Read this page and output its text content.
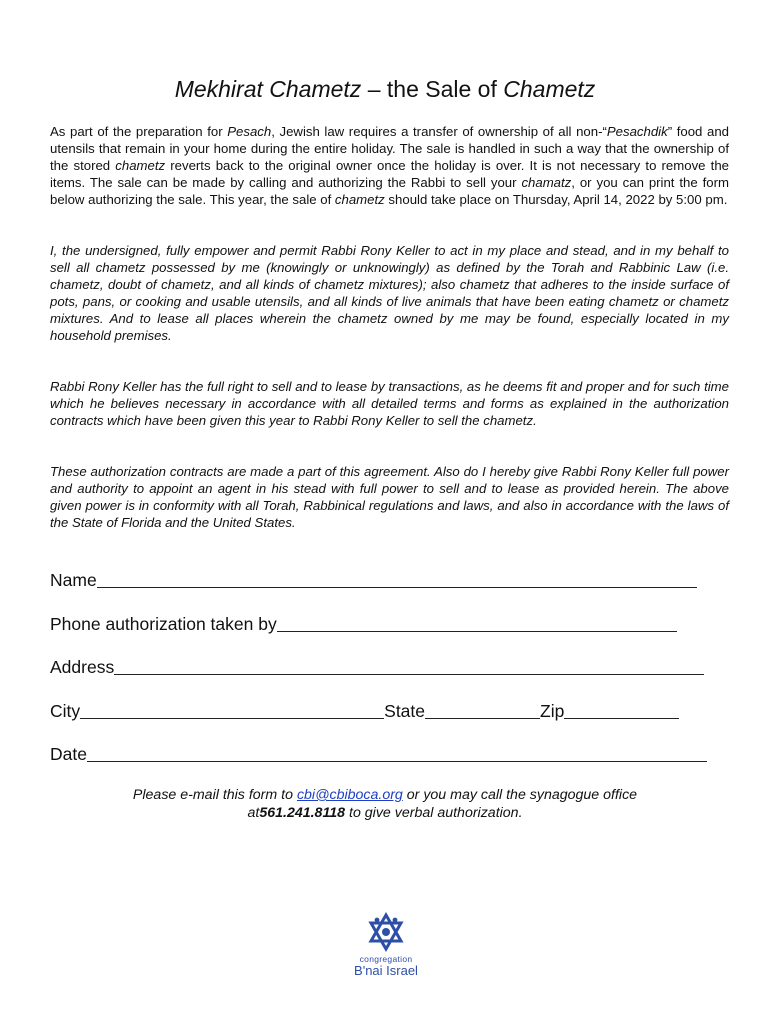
Mekhirat Chametz – the Sale of Chametz

As part of the preparation for Pesach, Jewish law requires a transfer of ownership of all non-“Pesachdik” food and utensils that remain in your home during the entire holiday. The sale is handled in such a way that the ownership of the stored chametz reverts back to the original owner once the holiday is over. It is not necessary to remove the items. The sale can be made by calling and authorizing the Rabbi to sell your chamatz, or you can print the form below authorizing the sale. This year, the sale of chametz should take place on Thursday, April 14, 2022 by 5:00 pm.

I, the undersigned, fully empower and permit Rabbi Rony Keller to act in my place and stead, and in my behalf to sell all chametz possessed by me (knowingly or unknowingly) as defined by the Torah and Rabbinic Law (i.e. chametz, doubt of chametz, and all kinds of chametz mixtures); also chametz that adheres to the inside surface of pots, pans, or cooking and usable utensils, and all kinds of live animals that have been eating chametz or chametz mixtures. And to lease all places wherein the chametz owned by me may be found, especially located in my household premises.

Rabbi Rony Keller has the full right to sell and to lease by transactions, as he deems fit and proper and for such time which he believes necessary in accordance with all detailed terms and forms as explained in the authorization contracts which have been given this year to Rabbi Rony Keller to sell the chametz.

These authorization contracts are made a part of this agreement. Also do I hereby give Rabbi Rony Keller full power and authority to appoint an agent in his stead with full power to sell and to lease as provided herein. The above given power is in conformity with all Torah, Rabbinical regulations and laws, and also in accordance with the laws of the State of Florida and the United States.

Name
Phone authorization taken by
Address
City	State	Zip
Date
Please e-mail this form to cbi@cbiboca.org or you may call the synagogue office
at561.241.8118 to give verbal authorization.
congregation
B'nai Israel
